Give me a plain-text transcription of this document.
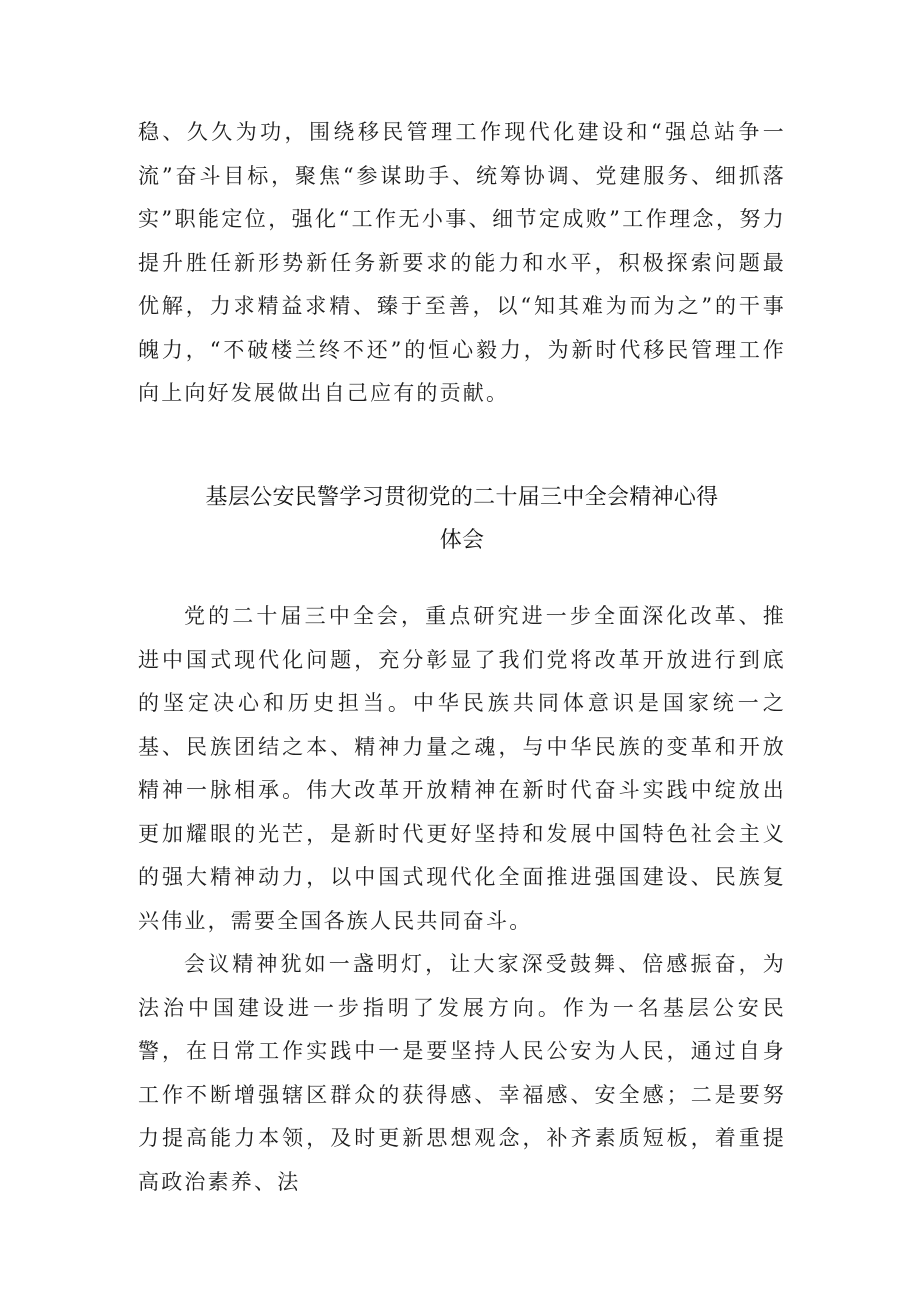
稳、久久为功，围绕移民管理工作现代化建设和“强总站争一流”奋斗目标，聚焦“参谋助手、统筹协调、党建服务、细抓落实”职能定位，强化“工作无小事、细节定成败”工作理念，努力提升胜任新形势新任务新要求的能力和水平，积极探索问题最优解，力求精益求精、臻于至善，以“知其难为而为之”的干事魄力，“不破楼兰终不还”的恒心毅力，为新时代移民管理工作向上向好发展做出自己应有的贡献。

基层公安民警学习贯彻党的二十届三中全会精神心得
体会

党的二十届三中全会，重点研究进一步全面深化改革、推进中国式现代化问题，充分彰显了我们党将改革开放进行到底的坚定决心和历史担当。中华民族共同体意识是国家统一之基、民族团结之本、精神力量之魂，与中华民族的变革和开放精神一脉相承。伟大改革开放精神在新时代奋斗实践中绽放出更加耀眼的光芒，是新时代更好坚持和发展中国特色社会主义的强大精神动力，以中国式现代化全面推进强国建设、民族复兴伟业，需要全国各族人民共同奋斗。

会议精神犹如一盏明灯，让大家深受鼓舞、倍感振奋，为法治中国建设进一步指明了发展方向。作为一名基层公安民警，在日常工作实践中一是要坚持人民公安为人民，通过自身工作不断增强辖区群众的获得感、幸福感、安全感；二是要努力提高能力本领，及时更新思想观念，补齐素质短板，着重提高政治素养、法
